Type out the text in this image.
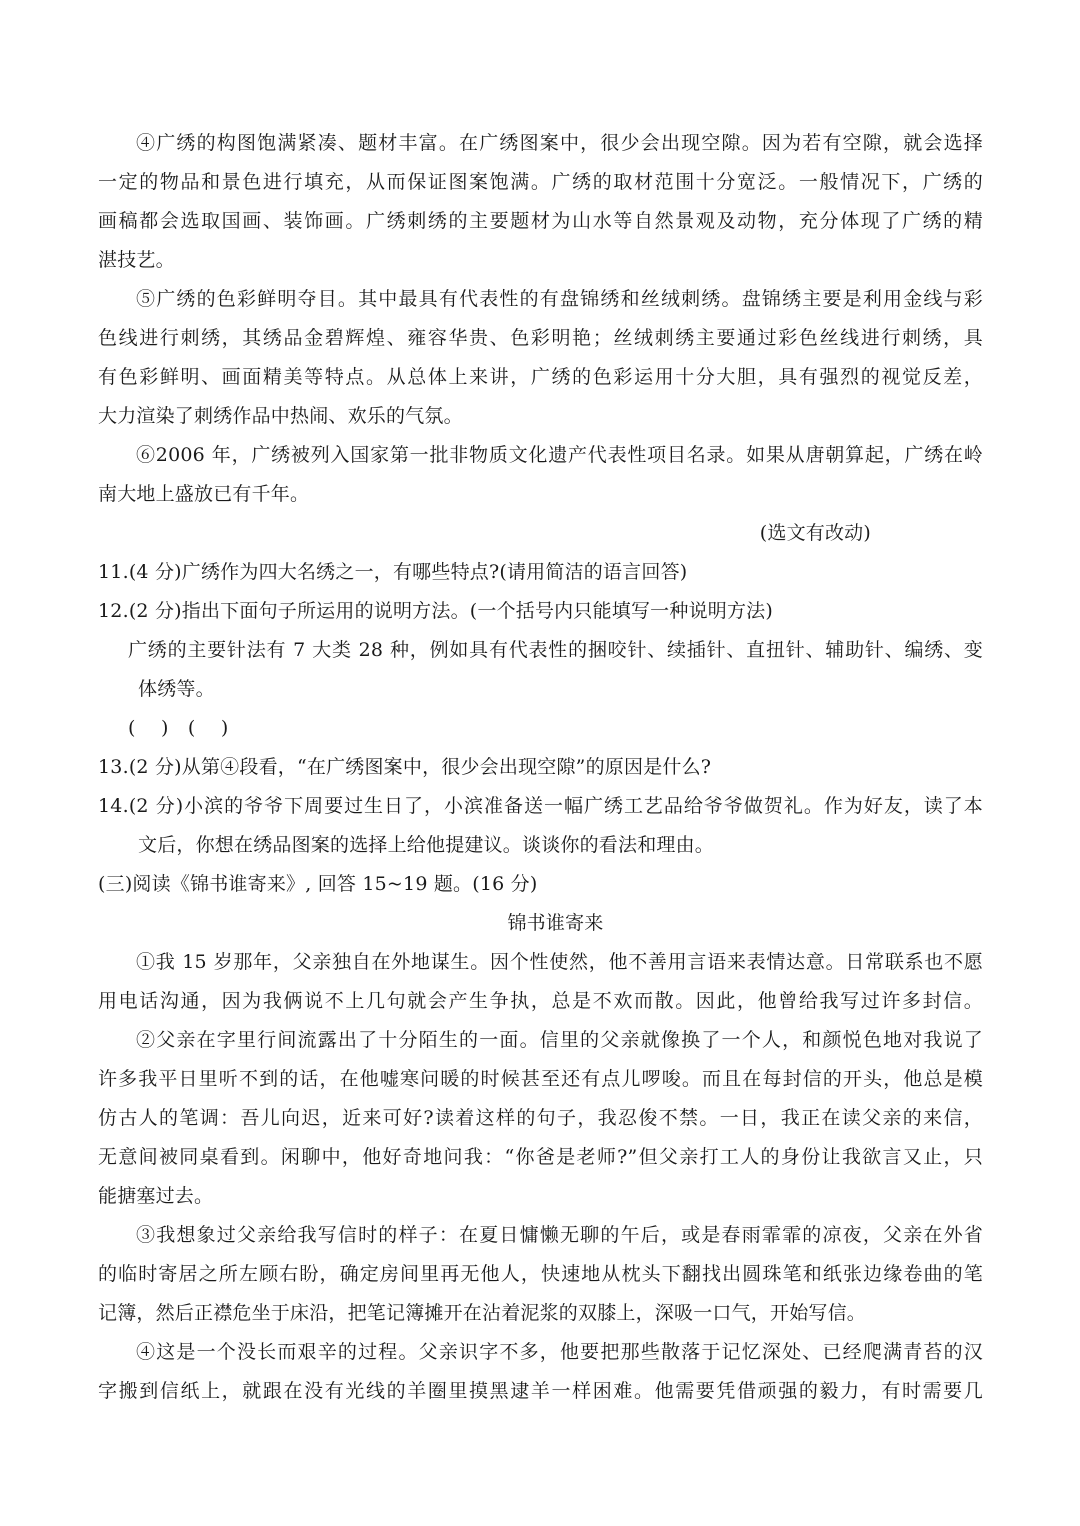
④广绣的构图饱满紧凑、题材丰富。在广绣图案中，很少会出现空隙。因为若有空隙，就会选择
一定的物品和景色进行填充，从而保证图案饱满。广绣的取材范围十分宽泛。一般情况下，广绣的
画稿都会选取国画、装饰画。广绣刺绣的主要题材为山水等自然景观及动物，充分体现了广绣的精
湛技艺。
⑤广绣的色彩鲜明夺目。其中最具有代表性的有盘锦绣和丝绒刺绣。盘锦绣主要是利用金线与彩
色线进行刺绣，其绣品金碧辉煌、雍容华贵、色彩明艳；丝绒刺绣主要通过彩色丝线进行刺绣，具
有色彩鲜明、画面精美等特点。从总体上来讲，广绣的色彩运用十分大胆，具有强烈的视觉反差，
大力渲染了刺绣作品中热闹、欢乐的气氛。
⑥2006 年，广绣被列入国家第一批非物质文化遗产代表性项目名录。如果从唐朝算起，广绣在岭
南大地上盛放已有千年。
(选文有改动)
11.(4 分)广绣作为四大名绣之一，有哪些特点?(请用简洁的语言回答)
12.(2 分)指出下面句子所运用的说明方法。(一个括号内只能填写一种说明方法)
广绣的主要针法有 7 大类 28 种，例如具有代表性的捆咬针、续插针、直扭针、辅助针、编绣、变
体绣等。
(　 )　(　 )
13.(2 分)从第④段看，“在广绣图案中，很少会出现空隙”的原因是什么?
14.(2 分)小滨的爷爷下周要过生日了，小滨准备送一幅广绣工艺品给爷爷做贺礼。作为好友，读了本
文后，你想在绣品图案的选择上给他提建议。谈谈你的看法和理由。
(三)阅读《锦书谁寄来》, 回答 15~19 题。(16 分)
锦书谁寄来
①我 15 岁那年，父亲独自在外地谋生。因个性使然，他不善用言语来表情达意。日常联系也不愿
用电话沟通，因为我俩说不上几句就会产生争执，总是不欢而散。因此，他曾给我写过许多封信。
②父亲在字里行间流露出了十分陌生的一面。信里的父亲就像换了一个人，和颜悦色地对我说了
许多我平日里听不到的话，在他嘘寒问暖的时候甚至还有点儿啰唆。而且在每封信的开头，他总是模
仿古人的笔调：吾儿向迟，近来可好?读着这样的句子，我忍俊不禁。一日，我正在读父亲的来信，
无意间被同桌看到。闲聊中，他好奇地问我：“你爸是老师?”但父亲打工人的身份让我欲言又止，只
能搪塞过去。
③我想象过父亲给我写信时的样子：在夏日慵懒无聊的午后，或是春雨霏霏的凉夜，父亲在外省
的临时寄居之所左顾右盼，确定房间里再无他人，快速地从枕头下翻找出圆珠笔和纸张边缘卷曲的笔
记簿，然后正襟危坐于床沿，把笔记簿摊开在沾着泥浆的双膝上，深吸一口气，开始写信。
④这是一个没长而艰辛的过程。父亲识字不多，他要把那些散落于记忆深处、已经爬满青苔的汉
字搬到信纸上，就跟在没有光线的羊圈里摸黑逮羊一样困难。他需要凭借顽强的毅力，有时需要几
